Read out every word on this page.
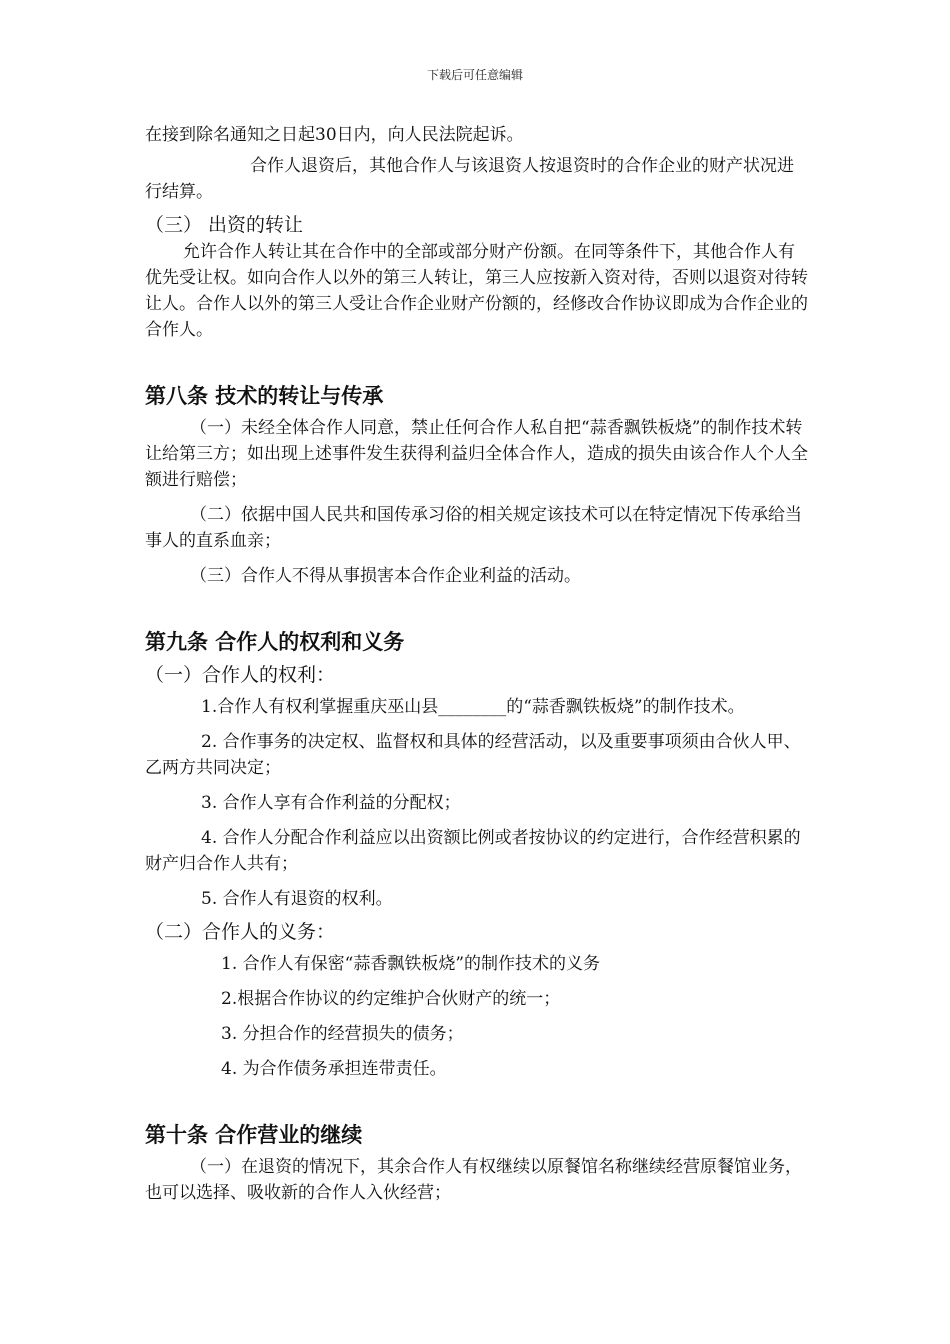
下载后可任意编辑

在接到除名通知之日起30日内，向人民法院起诉。

合作人退资后，其他合作人与该退资人按退资时的合作企业的财产状况进行结算。

（三） 出资的转让

允许合作人转让其在合作中的全部或部分财产份额。在同等条件下，其他合作人有优先受让权。如向合作人以外的第三人转让，第三人应按新入资对待，否则以退资对待转让人。合作人以外的第三人受让合作企业财产份额的，经修改合作协议即成为合作企业的合作人。

第八条 技术的转让与传承

（一）未经全体合作人同意，禁止任何合作人私自把“蒜香飘铁板烧”的制作技术转让给第三方；如出现上述事件发生获得利益归全体合作人，造成的损失由该合作人个人全额进行赔偿；

（二）依据中国人民共和国传承习俗的相关规定该技术可以在特定情况下传承给当事人的直系血亲；

（三）合作人不得从事损害本合作企业利益的活动。

第九条 合作人的权利和义务

（一）合作人的权利：

1.合作人有权利掌握重庆巫山县________的“蒜香飘铁板烧”的制作技术。

2. 合作事务的决定权、监督权和具体的经营活动，以及重要事项须由合伙人甲、乙两方共同决定；

3. 合作人享有合作利益的分配权；

4. 合作人分配合作利益应以出资额比例或者按协议的约定进行，合作经营积累的财产归合作人共有；

5. 合作人有退资的权利。

（二）合作人的义务：

1. 合作人有保密“蒜香飘铁板烧”的制作技术的义务

2.根据合作协议的约定维护合伙财产的统一；

3. 分担合作的经营损失的债务；

4. 为合作债务承担连带责任。

第十条 合作营业的继续

（一）在退资的情况下，其余合作人有权继续以原餐馆名称继续经营原餐馆业务，也可以选择、吸收新的合作人入伙经营；
